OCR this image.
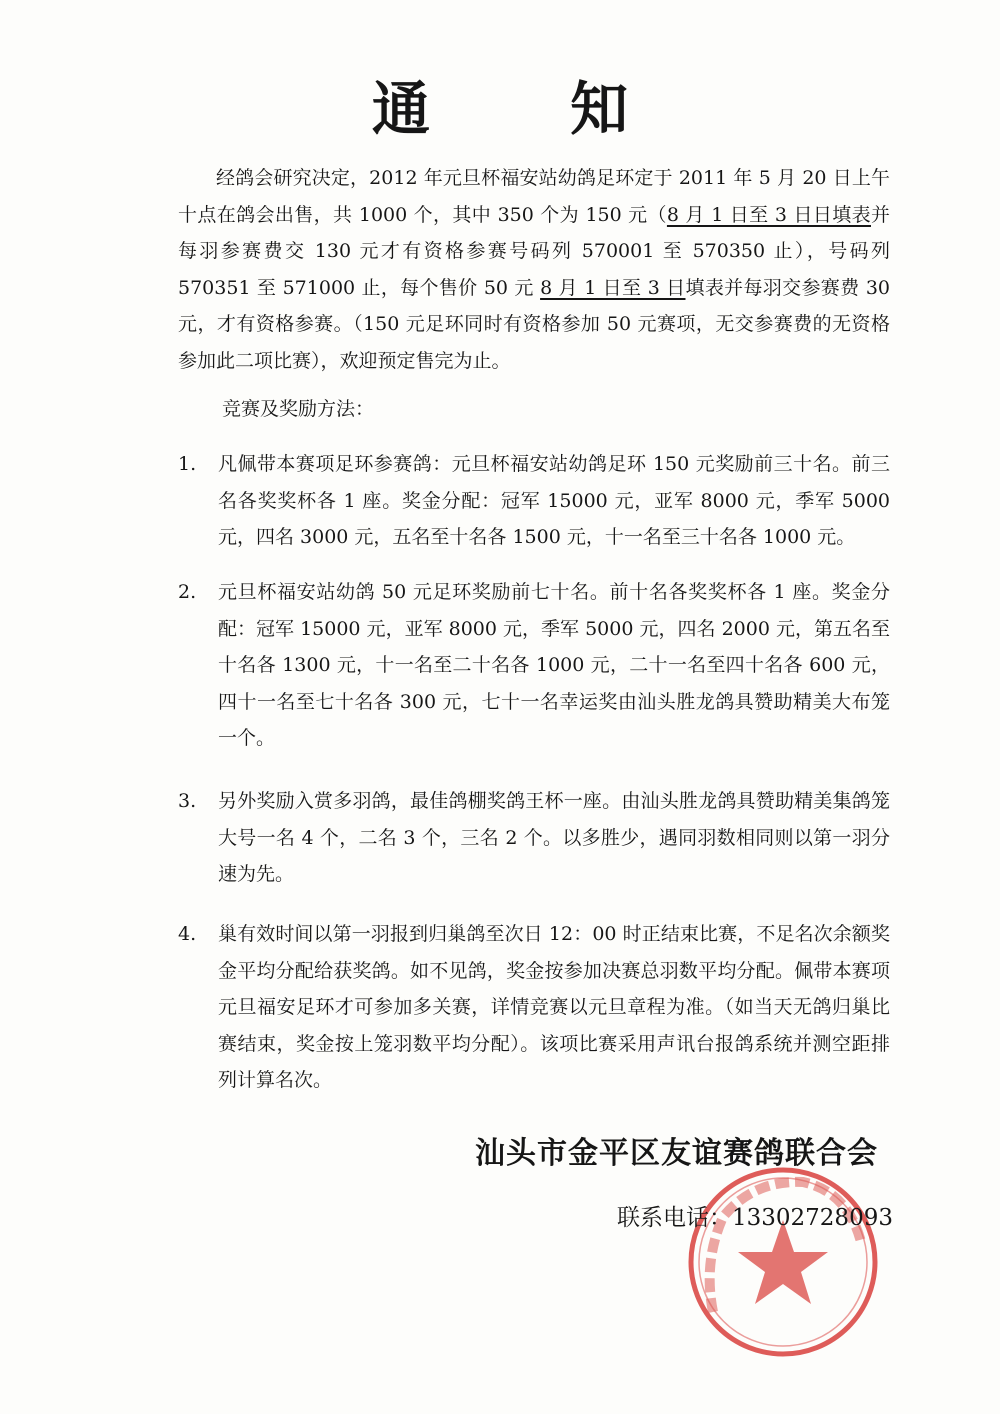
通 知
经鸽会研究决定，2012 年元旦杯福安站幼鸽足环定于 2011 年 5 月 20 日上午十点在鸽会出售，共 1000 个，其中 350 个为 150 元（8 月 1 日至 3 日日填表并每羽参赛费交 130 元才有资格参赛号码列 570001 至 570350 止），号码列 570351 至 571000 止，每个售价 50 元 8 月 1 日至 3 日填表并每羽交参赛费 30 元，才有资格参赛。（150 元足环同时有资格参加 50 元赛项，无交参赛费的无资格参加此二项比赛），欢迎预定售完为止。
竞赛及奖励方法：
1.	凡佩带本赛项足环参赛鸽：元旦杯福安站幼鸽足环 150 元奖励前三十名。前三名各奖奖杯各 1 座。奖金分配：冠军 15000 元，亚军 8000 元，季军 5000 元，四名 3000 元，五名至十名各 1500 元，十一名至三十名各 1000 元。
2.	元旦杯福安站幼鸽 50 元足环奖励前七十名。前十名各奖奖杯各 1 座。奖金分配：冠军 15000 元，亚军 8000 元，季军 5000 元，四名 2000 元，第五名至十名各 1300 元，十一名至二十名各 1000 元，二十一名至四十名各 600 元，四十一名至七十名各 300 元，七十一名幸运奖由汕头胜龙鸽具赞助精美大布笼一个。
3.	另外奖励入赏多羽鸽，最佳鸽棚奖鸽王杯一座。由汕头胜龙鸽具赞助精美集鸽笼大号一名 4 个，二名 3 个，三名 2 个。以多胜少，遇同羽数相同则以第一羽分速为先。
4.	巢有效时间以第一羽报到归巢鸽至次日 12：00 时正结束比赛，不足名次余额奖金平均分配给获奖鸽。如不见鸽，奖金按参加决赛总羽数平均分配。佩带本赛项元旦福安足环才可参加多关赛，详情竞赛以元旦章程为准。（如当天无鸽归巢比赛结束，奖金按上笼羽数平均分配）。该项比赛采用声讯台报鸽系统并测空距排列计算名次。
汕头市金平区友谊赛鸽联合会
联系电话：13302728093
